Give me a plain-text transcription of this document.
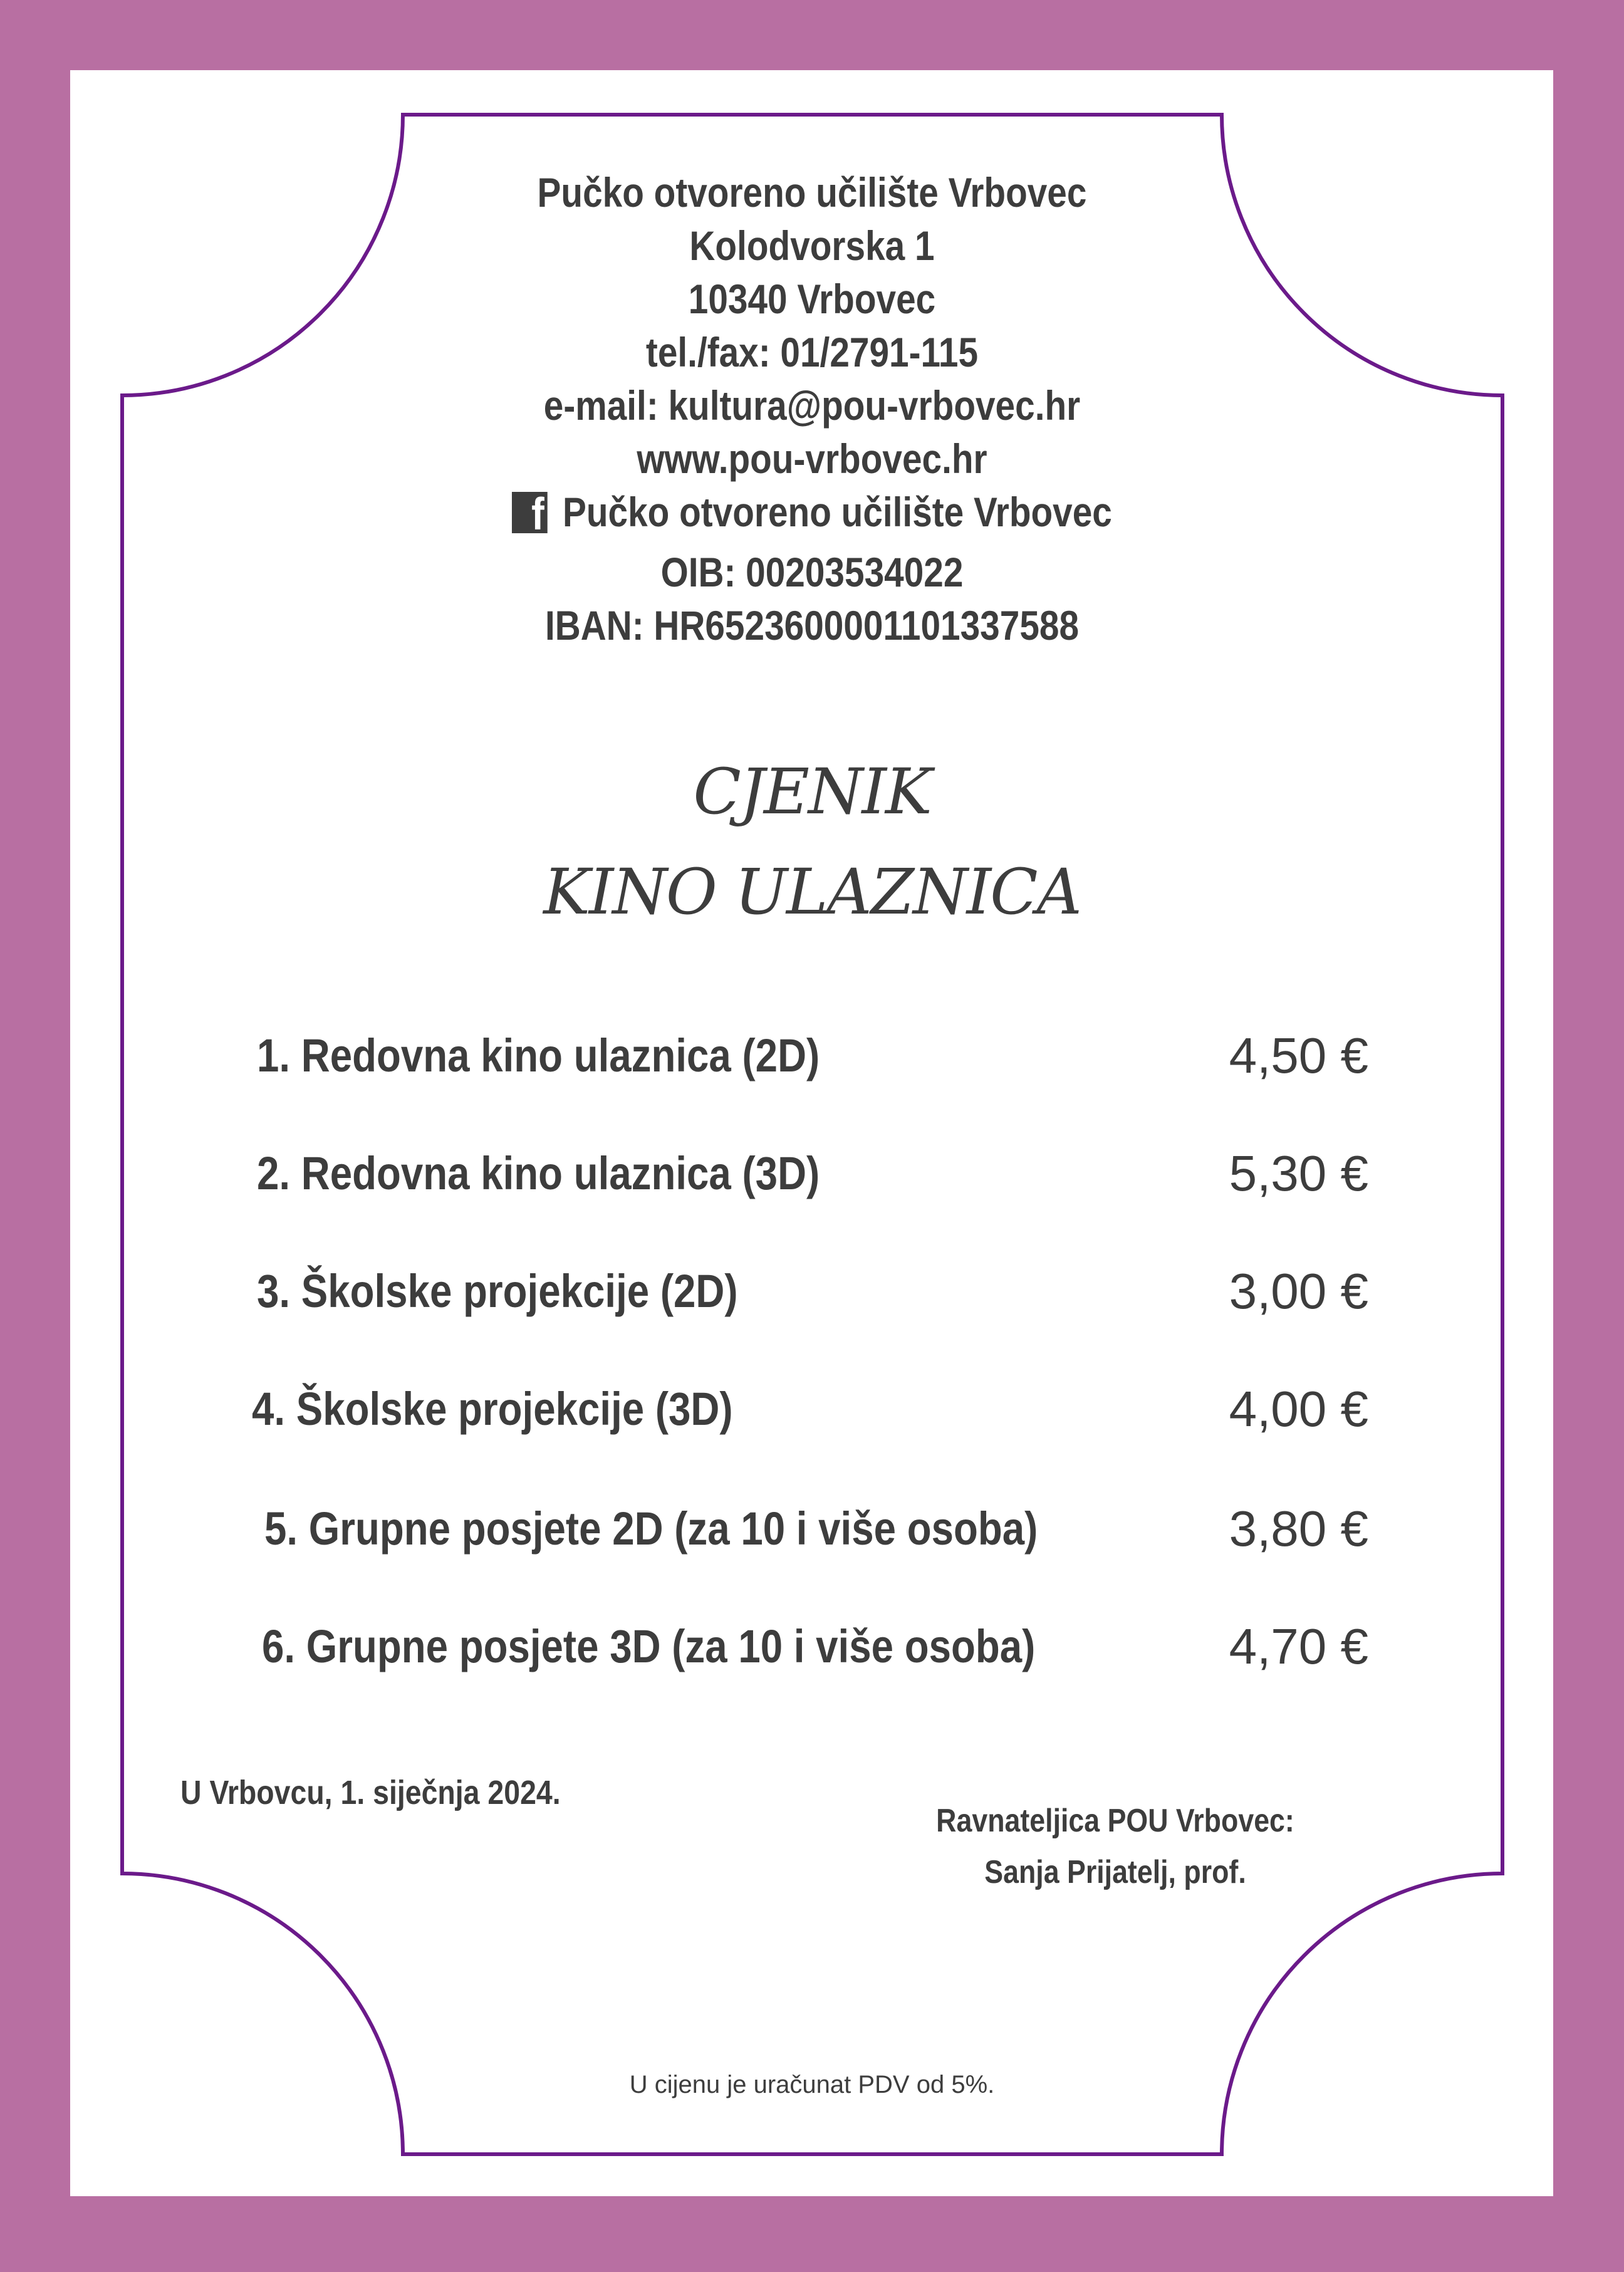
Pučko otvoreno učilište Vrbovec
Kolodvorska 1
10340 Vrbovec
tel./fax: 01/2791-115
e-mail: kultura@pou-vrbovec.hr
www.pou-vrbovec.hr
f Pučko otvoreno učilište Vrbovec
OIB: 00203534022
IBAN: HR6523600001101337588
CJENIK
KINO ULAZNICA
1. Redovna kino ulaznica (2D)	4,50 €
2. Redovna kino ulaznica (3D)	5,30 €
3. Školske projekcije (2D)	3,00 €
4. Školske projekcije (3D)	4,00 €
5. Grupne posjete 2D (za 10 i više osoba)	3,80 €
6. Grupne posjete 3D (za 10 i više osoba)	4,70 €
U Vrbovcu, 1. siječnja 2024.
Ravnateljica POU Vrbovec:
Sanja Prijatelj, prof.
U cijenu je uračunat PDV od 5%.
